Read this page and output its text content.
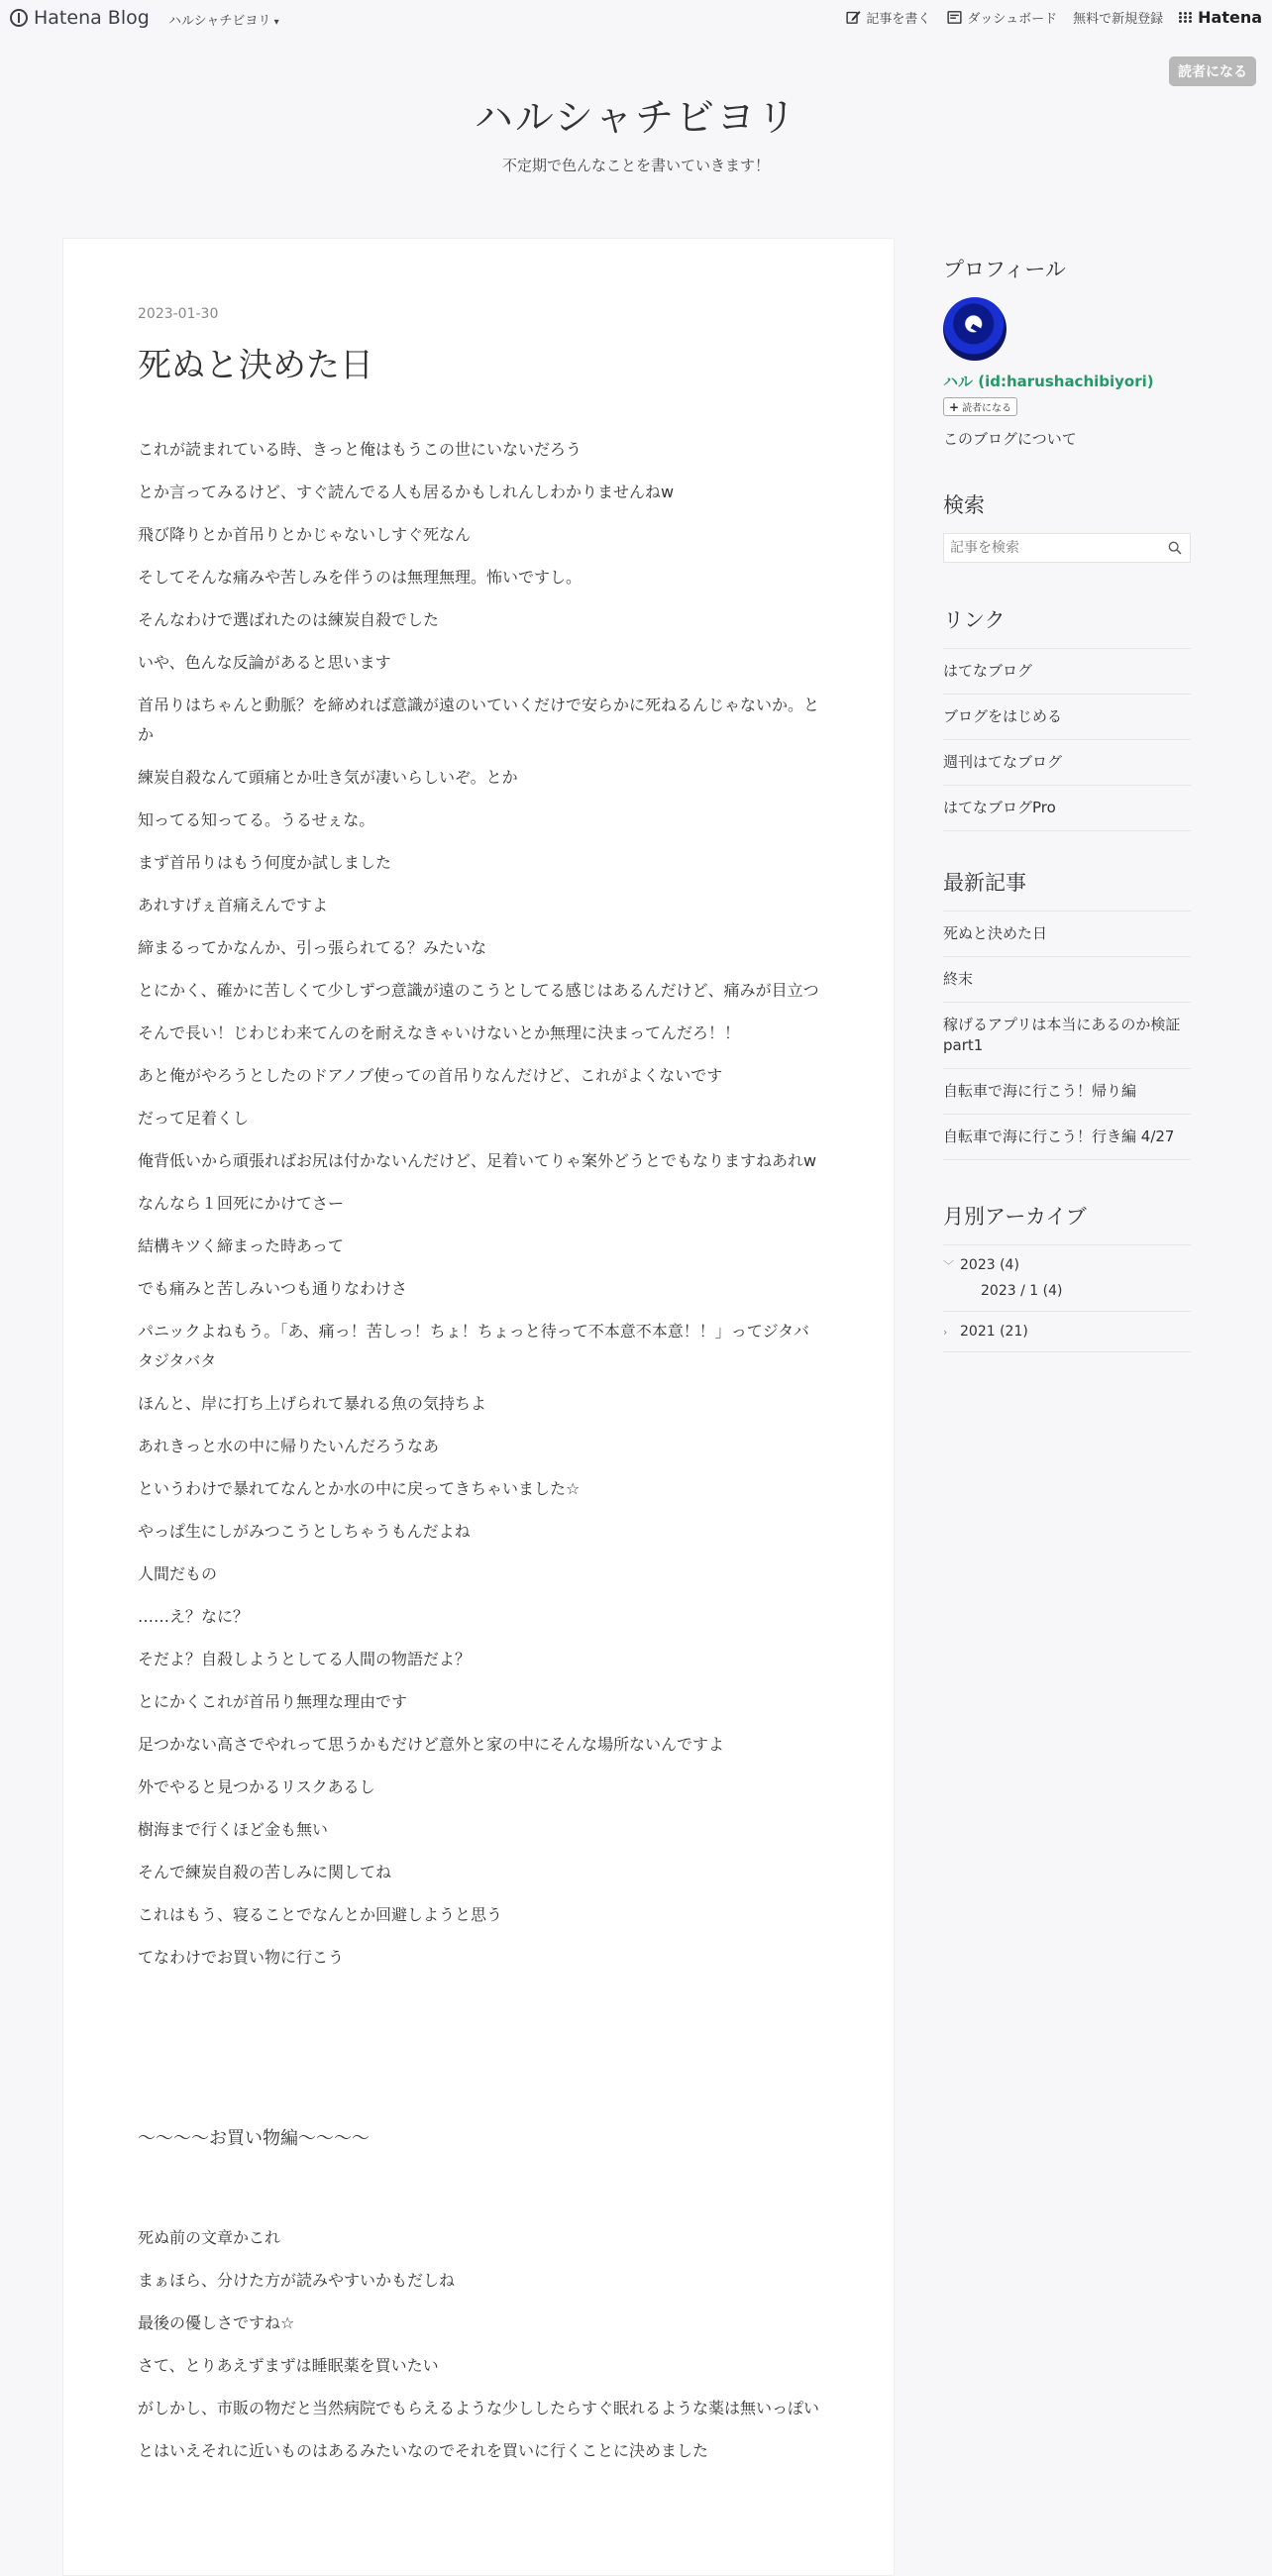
Hatena Blog ハルシャチビヨリ ▾	記事を書く	ダッシュボード 無料で新規登録 Hatena
読者になる
ハルシャチビヨリ
不定期で色んなことを書いていきます！
2023-01-30
死ぬと決めた日

これが読まれている時、きっと俺はもうこの世にいないだろう

とか言ってみるけど、すぐ読んでる人も居るかもしれんしわかりませんねw

飛び降りとか首吊りとかじゃないしすぐ死なん

そしてそんな痛みや苦しみを伴うのは無理無理。怖いですし。

そんなわけで選ばれたのは練炭自殺でした

いや、色んな反論があると思います

首吊りはちゃんと動脈？を締めれば意識が遠のいていくだけで安らかに死ねるんじゃないか。とか

練炭自殺なんて頭痛とか吐き気が凄いらしいぞ。とか

知ってる知ってる。うるせぇな。

まず首吊りはもう何度か試しました

あれすげぇ首痛えんですよ

締まるってかなんか、引っ張られてる？みたいな

とにかく、確かに苦しくて少しずつ意識が遠のこうとしてる感じはあるんだけど、痛みが目立つ

そんで長い！じわじわ来てんのを耐えなきゃいけないとか無理に決まってんだろ！！

あと俺がやろうとしたのドアノブ使っての首吊りなんだけど、これがよくないです

だって足着くし

俺背低いから頑張ればお尻は付かないんだけど、足着いてりゃ案外どうとでもなりますねあれw

なんなら１回死にかけてさー

結構キツく締まった時あって

でも痛みと苦しみいつも通りなわけさ

パニックよねもう。「あ、痛っ！苦しっ！ちょ！ちょっと待って不本意不本意！！」ってジタバタジタバタ

ほんと、岸に打ち上げられて暴れる魚の気持ちよ

あれきっと水の中に帰りたいんだろうなあ

というわけで暴れてなんとか水の中に戻ってきちゃいました☆

やっぱ生にしがみつこうとしちゃうもんだよね

人間だもの

……え？なに？

そだよ？自殺しようとしてる人間の物語だよ？

とにかくこれが首吊り無理な理由です

足つかない高さでやれって思うかもだけど意外と家の中にそんな場所ないんですよ

外でやると見つかるリスクあるし

樹海まで行くほど金も無い

そんで練炭自殺の苦しみに関してね

これはもう、寝ることでなんとか回避しようと思う

てなわけでお買い物に行こう

〜〜〜〜お買い物編〜〜〜〜

死ぬ前の文章かこれ

まぁほら、分けた方が読みやすいかもだしね

最後の優しさですね☆

さて、とりあえずまずは睡眠薬を買いたい

がしかし、市販の物だと当然病院でもらえるような少ししたらすぐ眠れるような薬は無いっぽい

とはいえそれに近いものはあるみたいなのでそれを買いに行くことに決めました

プロフィール
ハル (id:harushachibiyori)
+ 読者になる
このブログについて
検索
記事を検索
リンク
はてなブログ
ブログをはじめる
週刊はてなブログ
はてなブログPro
最新記事
死ぬと決めた日
終末
稼げるアプリは本当にあるのか検証part1
自転車で海に行こう！帰り編
自転車で海に行こう！行き編 4/27
月別アーカイブ
﹀ 2023 (4)
2023 / 1 (4)
› 2021 (21)
